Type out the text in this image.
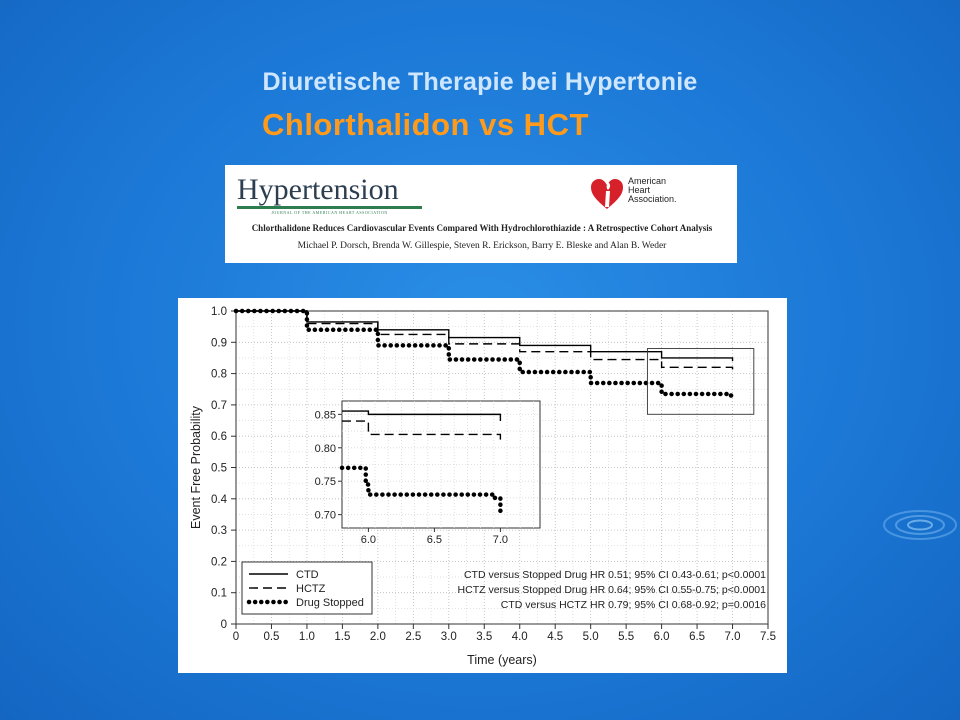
Diuretische Therapie bei Hypertonie
Chlorthalidon vs HCT
Hypertension
JOURNAL OF THE AMERICAN HEART ASSOCIATION
American
Heart
Association.
Chlorthalidone Reduces Cardiovascular Events Compared With Hydrochlorothiazide : A Retrospective Cohort Analysis
Michael P. Dorsch, Brenda W. Gillespie, Steven R. Erickson, Barry E. Bleske and Alan B. Weder
0 0.5 1.0 1.5 2.0 2.5 3.0 3.5 4.0 4.5 5.0 5.5 6.0 6.5 7.0 7.5
0
0.1
0.2
0.3
0.4
0.5
0.6
0.7
0.8
0.9
1.0
Time (years)
Event Free Probability
6.0	6.5	7.0
0.70
0.75
0.80
0.85
CTD
HCTZ
Drug Stopped
CTD versus Stopped Drug HR 0.51; 95% CI 0.43-0.61; p<0.0001
HCTZ versus Stopped Drug HR 0.64; 95% CI 0.55-0.75; p<0.0001
CTD versus HCTZ HR 0.79; 95% CI 0.68-0.92; p=0.0016
